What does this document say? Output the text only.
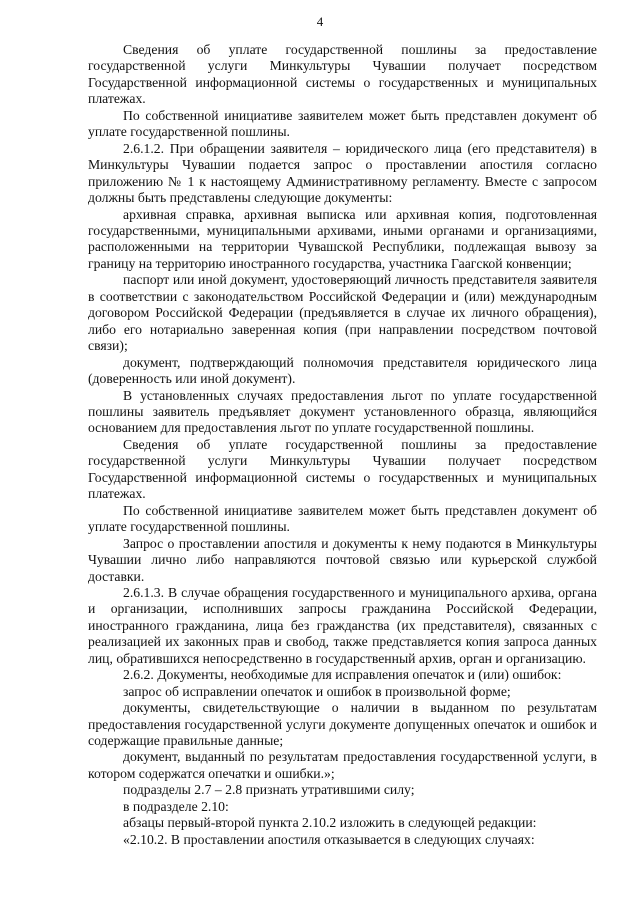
4

Сведения об уплате государственной пошлины за предоставление государственной услуги Минкультуры Чувашии получает посредством Государственной информационной системы о государственных и муниципальных платежах.

По собственной инициативе заявителем может быть представлен документ об уплате государственной пошлины.

2.6.1.2. При обращении заявителя – юридического лица (его представителя) в Минкультуры Чувашии подается запрос о проставлении апостиля согласно приложению № 1 к настоящему Административному регламенту. Вместе с запросом должны быть представлены следующие документы:

архивная справка, архивная выписка или архивная копия, подготовленная государственными, муниципальными архивами, иными органами и организациями, расположенными на территории Чувашской Республики, подлежащая вывозу за границу на территорию иностранного государства, участника Гаагской конвенции;

паспорт или иной документ, удостоверяющий личность представителя заявителя в соответствии с законодательством Российской Федерации и (или) международным договором Российской Федерации (предъявляется в случае их личного обращения), либо его нотариально заверенная копия (при направлении посредством почтовой связи);

документ, подтверждающий полномочия представителя юридического лица (доверенность или иной документ).

В установленных случаях предоставления льгот по уплате государственной пошлины заявитель предъявляет документ установленного образца, являющийся основанием для предоставления льгот по уплате государственной пошлины.

Сведения об уплате государственной пошлины за предоставление государственной услуги Минкультуры Чувашии получает посредством Государственной информационной системы о государственных и муниципальных платежах.

По собственной инициативе заявителем может быть представлен документ об уплате государственной пошлины.

Запрос о проставлении апостиля и документы к нему подаются в Минкультуры Чувашии лично либо направляются почтовой связью или курьерской службой доставки.

2.6.1.3. В случае обращения государственного и муниципального архива, органа и организации, исполнивших запросы гражданина Российской Федерации, иностранного гражданина, лица без гражданства (их представителя), связанных с реализацией их законных прав и свобод, также представляется копия запроса данных лиц, обратившихся непосредственно в государственный архив, орган и организацию.

2.6.2. Документы, необходимые для исправления опечаток и (или) ошибок:

запрос об исправлении опечаток и ошибок в произвольной форме;

документы, свидетельствующие о наличии в выданном по результатам предоставления государственной услуги документе допущенных опечаток и ошибок и содержащие правильные данные;

документ, выданный по результатам предоставления государственной услуги, в котором содержатся опечатки и ошибки.»;

подразделы 2.7 – 2.8 признать утратившими силу;

в подразделе 2.10:

абзацы первый-второй пункта 2.10.2 изложить в следующей редакции:

«2.10.2. В проставлении апостиля отказывается в следующих случаях:
